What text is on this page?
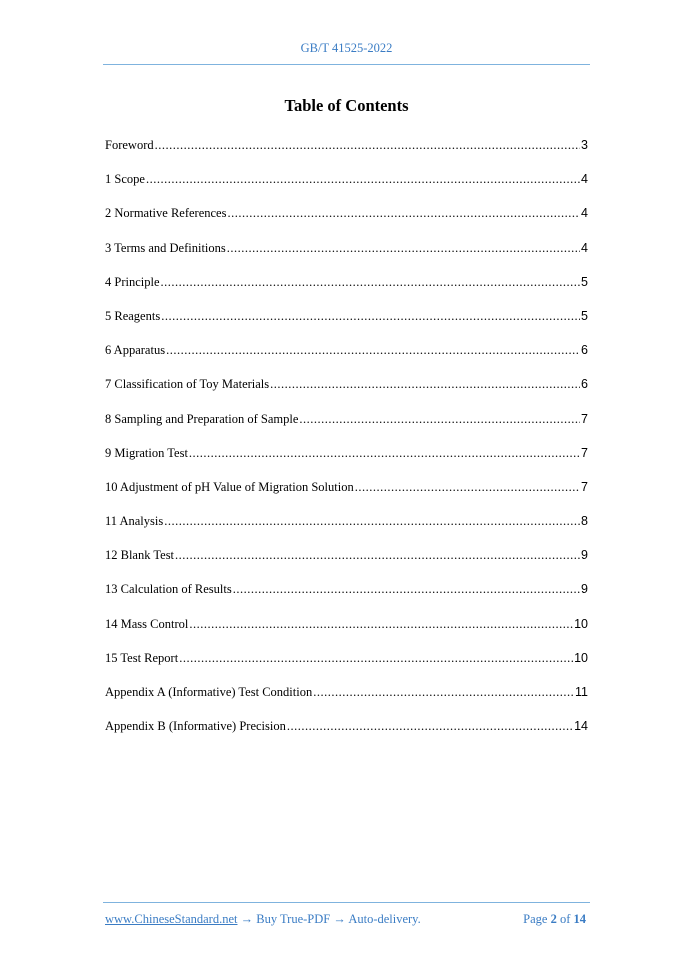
GB/T 41525-2022
Table of Contents
Foreword .....	3
1 Scope .....	4
2 Normative References .....	4
3 Terms and Definitions .....	4
4 Principle .....	5
5 Reagents .....	5
6 Apparatus .....	6
7 Classification of Toy Materials .....	6
8 Sampling and Preparation of Sample .....	7
9 Migration Test .....	7
10 Adjustment of pH Value of Migration Solution .....	7
11 Analysis .....	8
12 Blank Test .....	9
13 Calculation of Results .....	9
14 Mass Control .....	10
15 Test Report .....	10
Appendix A (Informative) Test Condition .....	11
Appendix B (Informative) Precision .....	14
www.ChineseStandard.net → Buy True-PDF → Auto-delivery.	Page 2 of 14
